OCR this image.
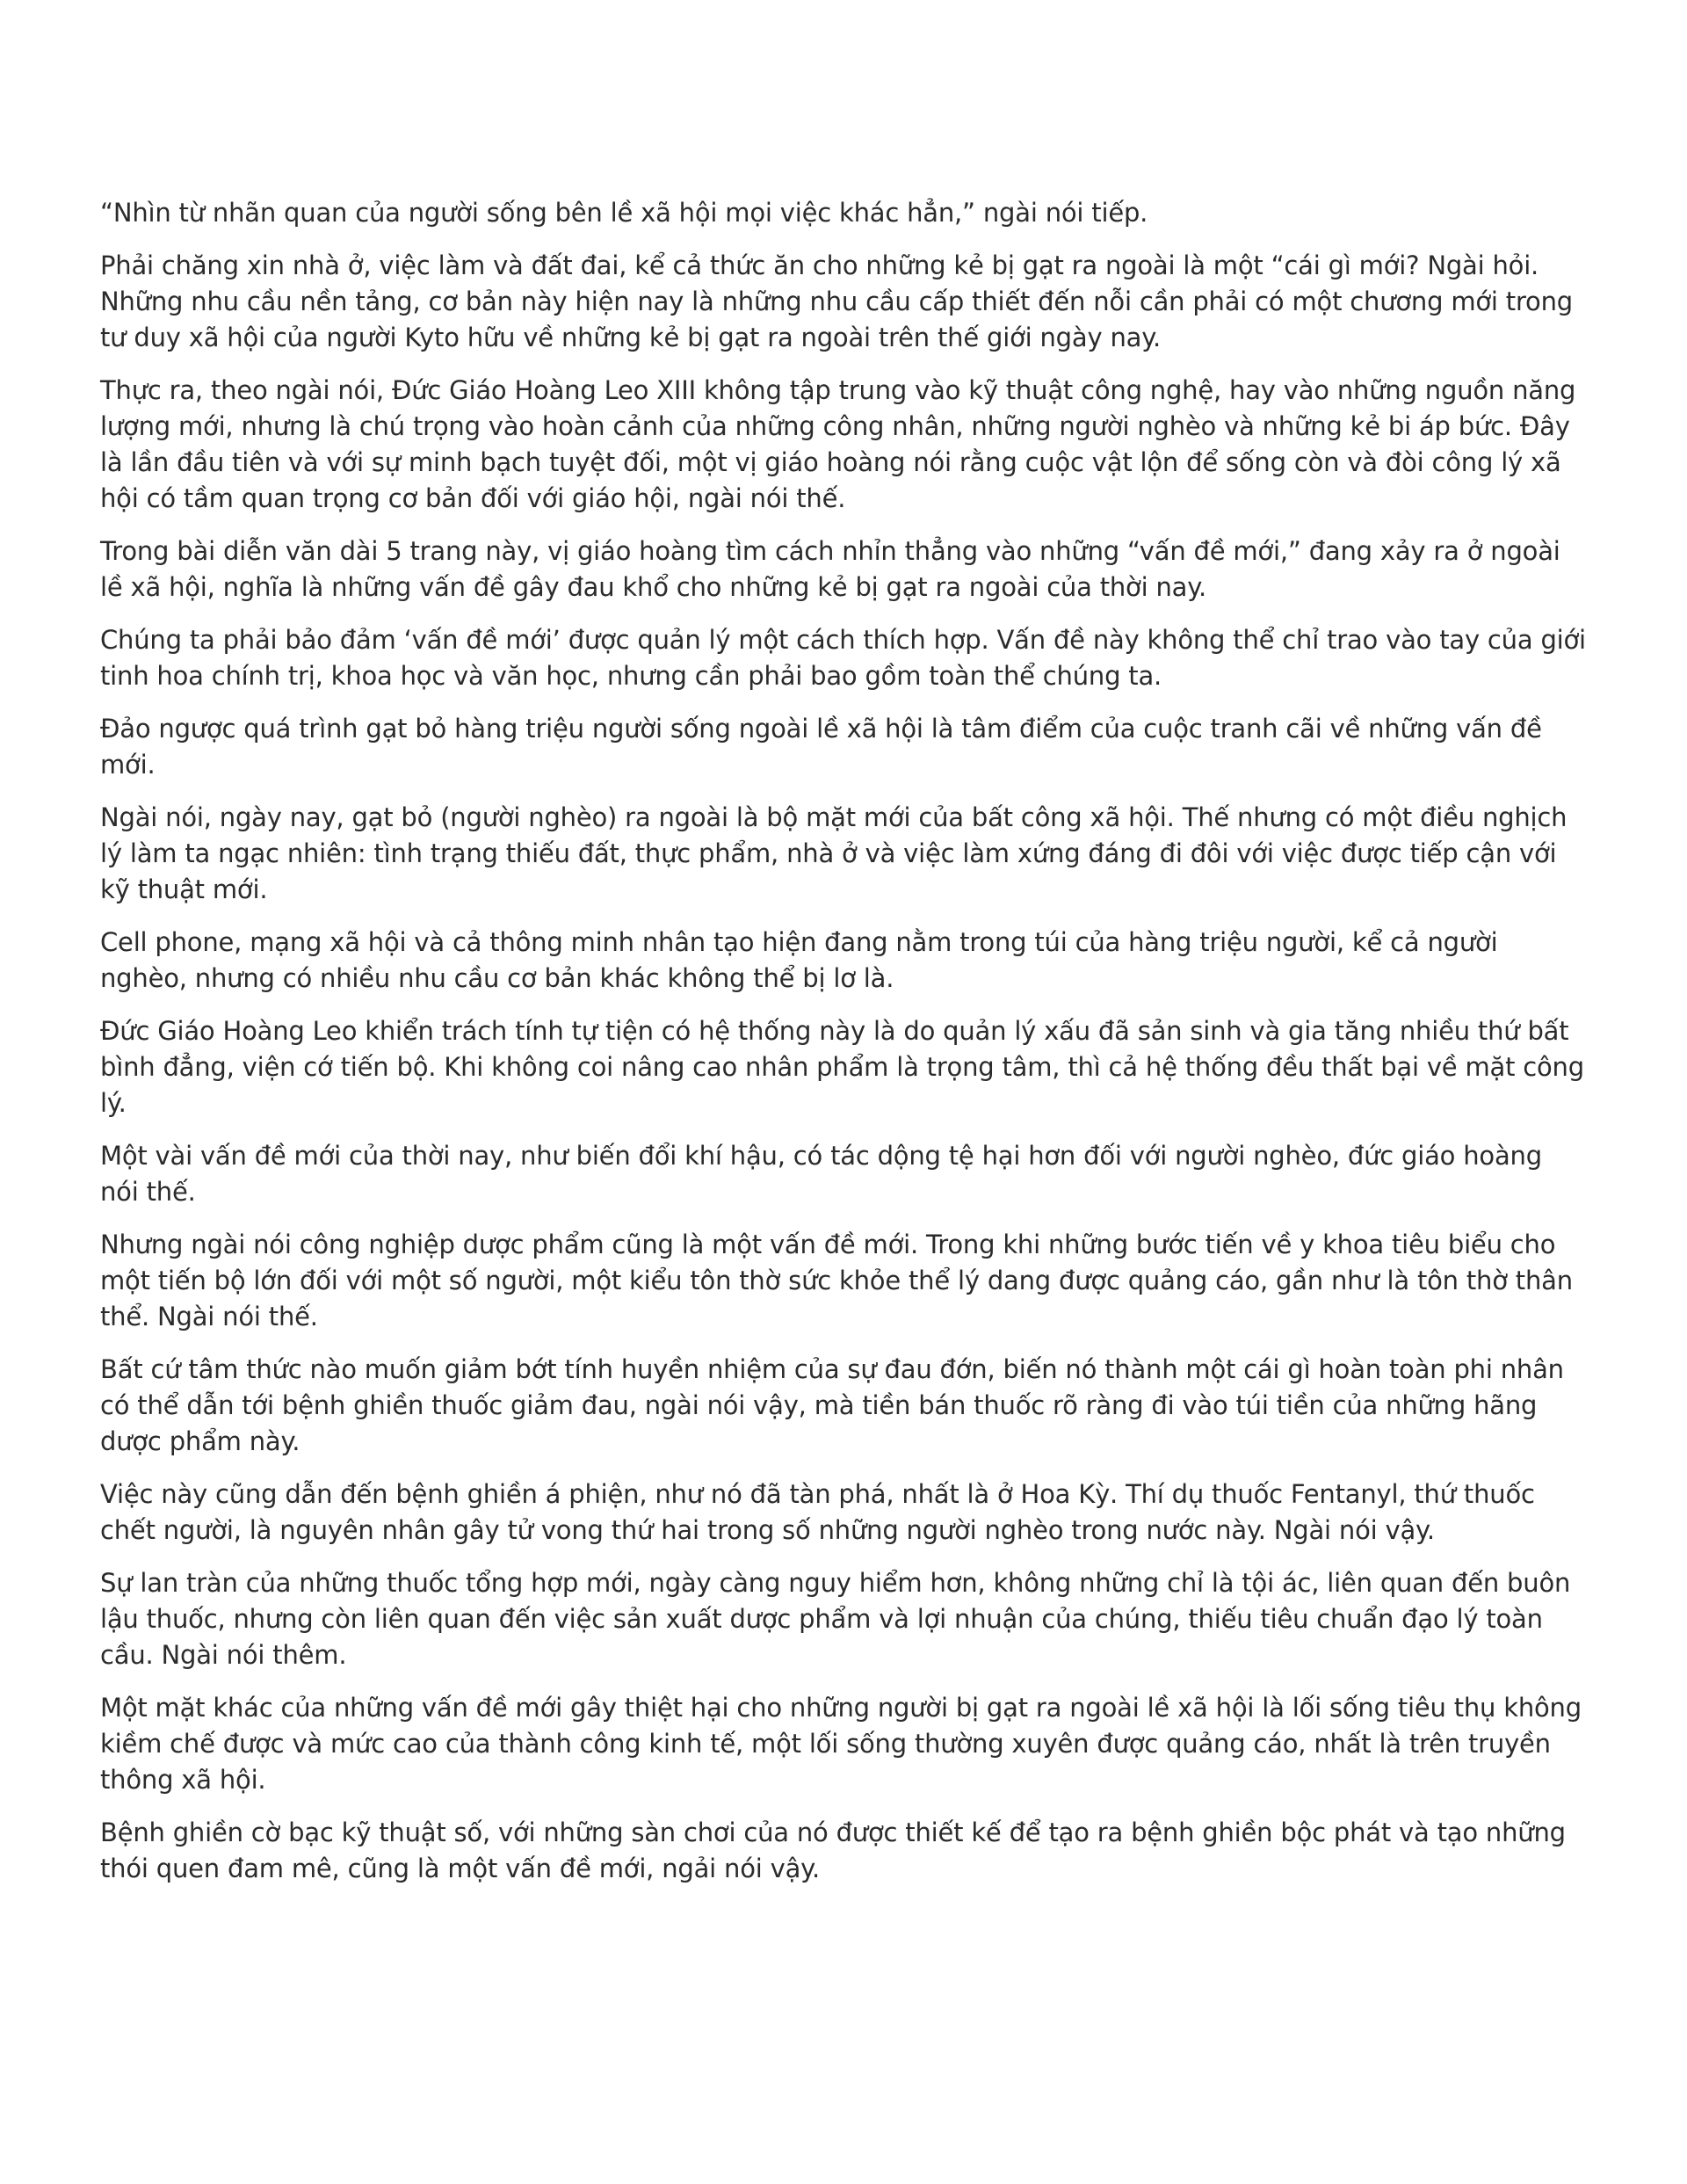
“Nhìn từ nhãn quan của người sống bên lề xã hội mọi việc khác hẳn,” ngài nói tiếp.

Phải chăng xin nhà ở, việc làm và đất đai, kể cả thức ăn cho những kẻ bị gạt ra ngoài là một “cái gì mới? Ngài hỏi. Những nhu cầu nền tảng, cơ bản này hiện nay là những nhu cầu cấp thiết đến nỗi cần phải có một chương mới trong tư duy xã hội của người Kyto hữu về những kẻ bị gạt ra ngoài trên thế giới ngày nay.

Thực ra, theo ngài nói, Đức Giáo Hoàng Leo XIII không tập trung vào kỹ thuật công nghệ, hay vào những nguồn năng lượng mới, nhưng là chú trọng vào hoàn cảnh của những công nhân, những người nghèo và những kẻ bi áp bức. Đây là lần đầu tiên và với sự minh bạch tuyệt đối, một vị giáo hoàng nói rằng cuộc vật lộn để sống còn và đòi công lý xã hội có tầm quan trọng cơ bản đối với giáo hội, ngài nói thế.

Trong bài diễn văn dài 5 trang này, vị giáo hoàng tìm cách nhỉn thẳng vào những “vấn đề mới,” đang xảy ra ở ngoài lề xã hội, nghĩa là những vấn đề gây đau khổ cho những kẻ bị gạt ra ngoài của thời nay.

Chúng ta phải bảo đảm ‘vấn đề mới’ được quản lý một cách thích hợp. Vấn đề này không thể chỉ trao vào tay của giới tinh hoa chính trị, khoa học và văn học, nhưng cần phải bao gồm toàn thể chúng ta.

Đảo ngược quá trình gạt bỏ hàng triệu người sống ngoài lề xã hội là tâm điểm của cuộc tranh cãi về những vấn đề mới.

Ngài nói, ngày nay, gạt bỏ (người nghèo) ra ngoài là bộ mặt mới của bất công xã hội. Thế nhưng có một điều nghịch lý làm ta ngạc nhiên: tình trạng thiếu đất, thực phẩm, nhà ở và việc làm xứng đáng đi đôi với việc được tiếp cận với kỹ thuật mới.

Cell phone, mạng xã hội và cả thông minh nhân tạo hiện đang nằm trong túi của hàng triệu người, kể cả người nghèo, nhưng có nhiều nhu cầu cơ bản khác không thể bị lơ là.

Đức Giáo Hoàng Leo khiển trách tính tự tiện có hệ thống này là do quản lý xấu đã sản sinh và gia tăng nhiều thứ bất bình đẳng, viện cớ tiến bộ. Khi không coi nâng cao nhân phẩm là trọng tâm, thì cả hệ thống đều thất bại về mặt công lý.

Một vài vấn đề mới của thời nay, như biến đổi khí hậu, có tác dộng tệ hại hơn đối với người nghèo, đức giáo hoàng nói thế.

Nhưng ngài nói công nghiệp dược phẩm cũng là một vấn đề mới. Trong khi những bước tiến về y khoa tiêu biểu cho một tiến bộ lớn đối với một số người, một kiểu tôn thờ sức khỏe thể lý dang được quảng cáo, gần như là tôn thờ thân thể. Ngài nói thế.

Bất cứ tâm thức nào muốn giảm bớt tính huyền nhiệm của sự đau đớn, biến nó thành một cái gì hoàn toàn phi nhân có thể dẫn tới bệnh ghiền thuốc giảm đau, ngài nói vậy, mà tiền bán thuốc rõ ràng đi vào túi tiền của những hãng dược phẩm này.

Việc này cũng dẫn đến bệnh ghiền á phiện, như nó đã tàn phá, nhất là ở Hoa Kỳ. Thí dụ thuốc Fentanyl, thứ thuốc chết người, là nguyên nhân gây tử vong thứ hai trong số những người nghèo trong nước này. Ngài nói vậy.

Sự lan tràn của những thuốc tổng hợp mới, ngày càng nguy hiểm hơn, không những chỉ là tội ác, liên quan đến buôn lậu thuốc, nhưng còn liên quan đến việc sản xuất dược phẩm và lợi nhuận của chúng, thiếu tiêu chuẩn đạo lý toàn cầu. Ngài nói thêm.

Một mặt khác của những vấn đề mới gây thiệt hại cho những người bị gạt ra ngoài lề xã hội là lối sống tiêu thụ không kiềm chế được và mức cao của thành công kinh tế, một lối sống thường xuyên được quảng cáo, nhất là trên truyền thông xã hội.

Bệnh ghiền cờ bạc kỹ thuật số, với những sàn chơi của nó được thiết kế để tạo ra bệnh ghiền bộc phát và tạo những thói quen đam mê, cũng là một vấn đề mới, ngải nói vậy.
